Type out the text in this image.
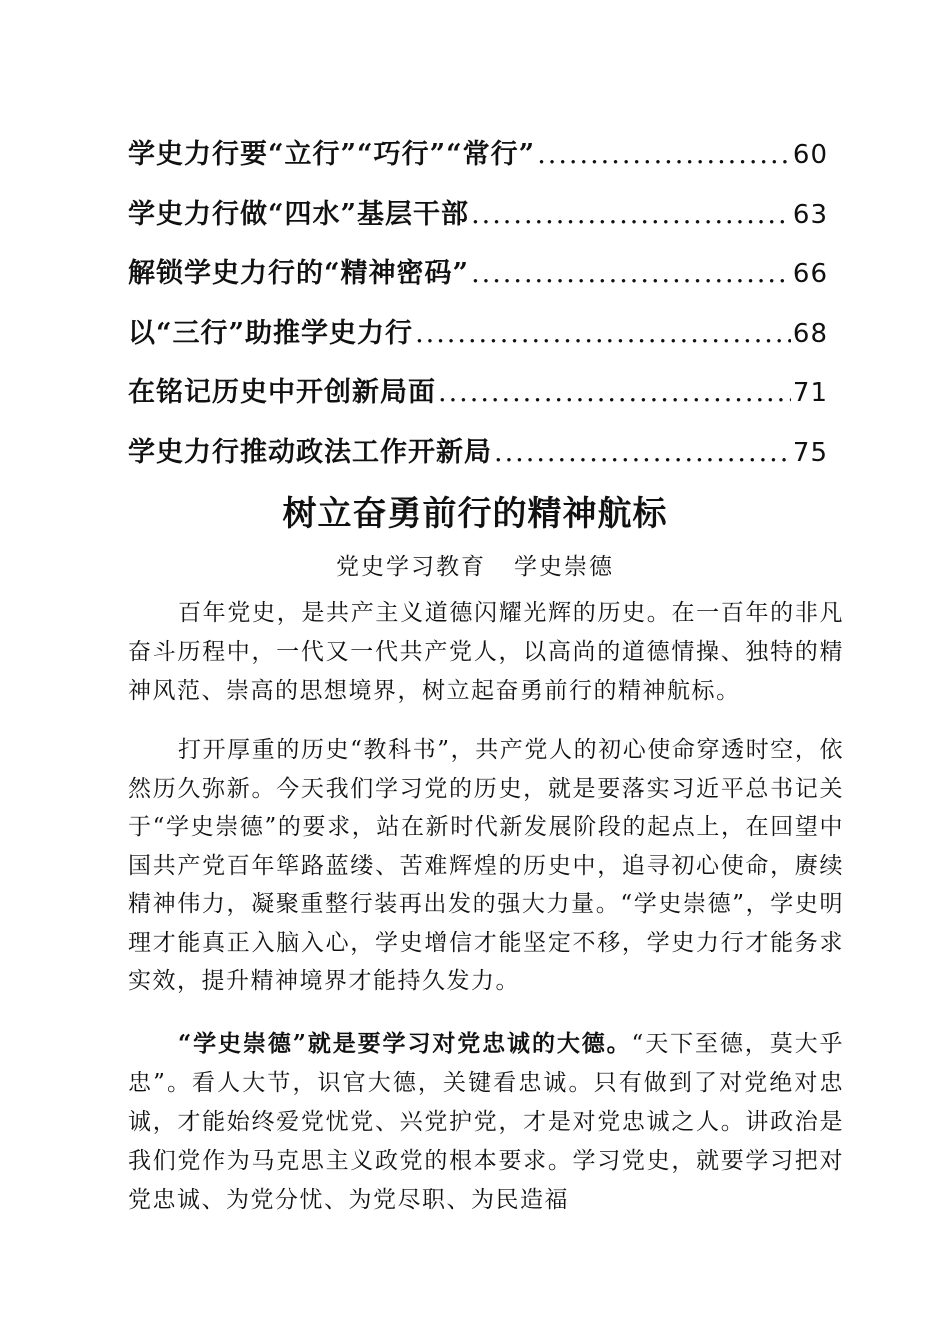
学史力行要“立行”“巧行”“常行” .....	60
学史力行做“四水”基层干部 .....	63
解锁学史力行的“精神密码” .....	66
以“三行”助推学史力行 .....	68
在铭记历史中开创新局面 .....	71
学史力行推动政法工作开新局 .....	75
树立奋勇前行的精神航标
党史学习教育   学史崇德

百年党史，是共产主义道德闪耀光辉的历史。在一百年的非凡奋斗历程中，一代又一代共产党人，以高尚的道德情操、独特的精神风范、崇高的思想境界，树立起奋勇前行的精神航标。

打开厚重的历史“教科书”，共产党人的初心使命穿透时空，依然历久弥新。今天我们学习党的历史，就是要落实习近平总书记关于“学史崇德”的要求，站在新时代新发展阶段的起点上，在回望中国共产党百年筚路蓝缕、苦难辉煌的历史中，追寻初心使命，赓续精神伟力，凝聚重整行装再出发的强大力量。“学史崇德”，学史明理才能真正入脑入心，学史增信才能坚定不移，学史力行才能务求实效，提升精神境界才能持久发力。

“学史崇德”就是要学习对党忠诚的大德。“天下至德，莫大乎忠”。看人大节，识官大德，关键看忠诚。只有做到了对党绝对忠诚，才能始终爱党忧党、兴党护党，才是对党忠诚之人。讲政治是我们党作为马克思主义政党的根本要求。学习党史，就要学习把对党忠诚、为党分忧、为党尽职、为民造福
